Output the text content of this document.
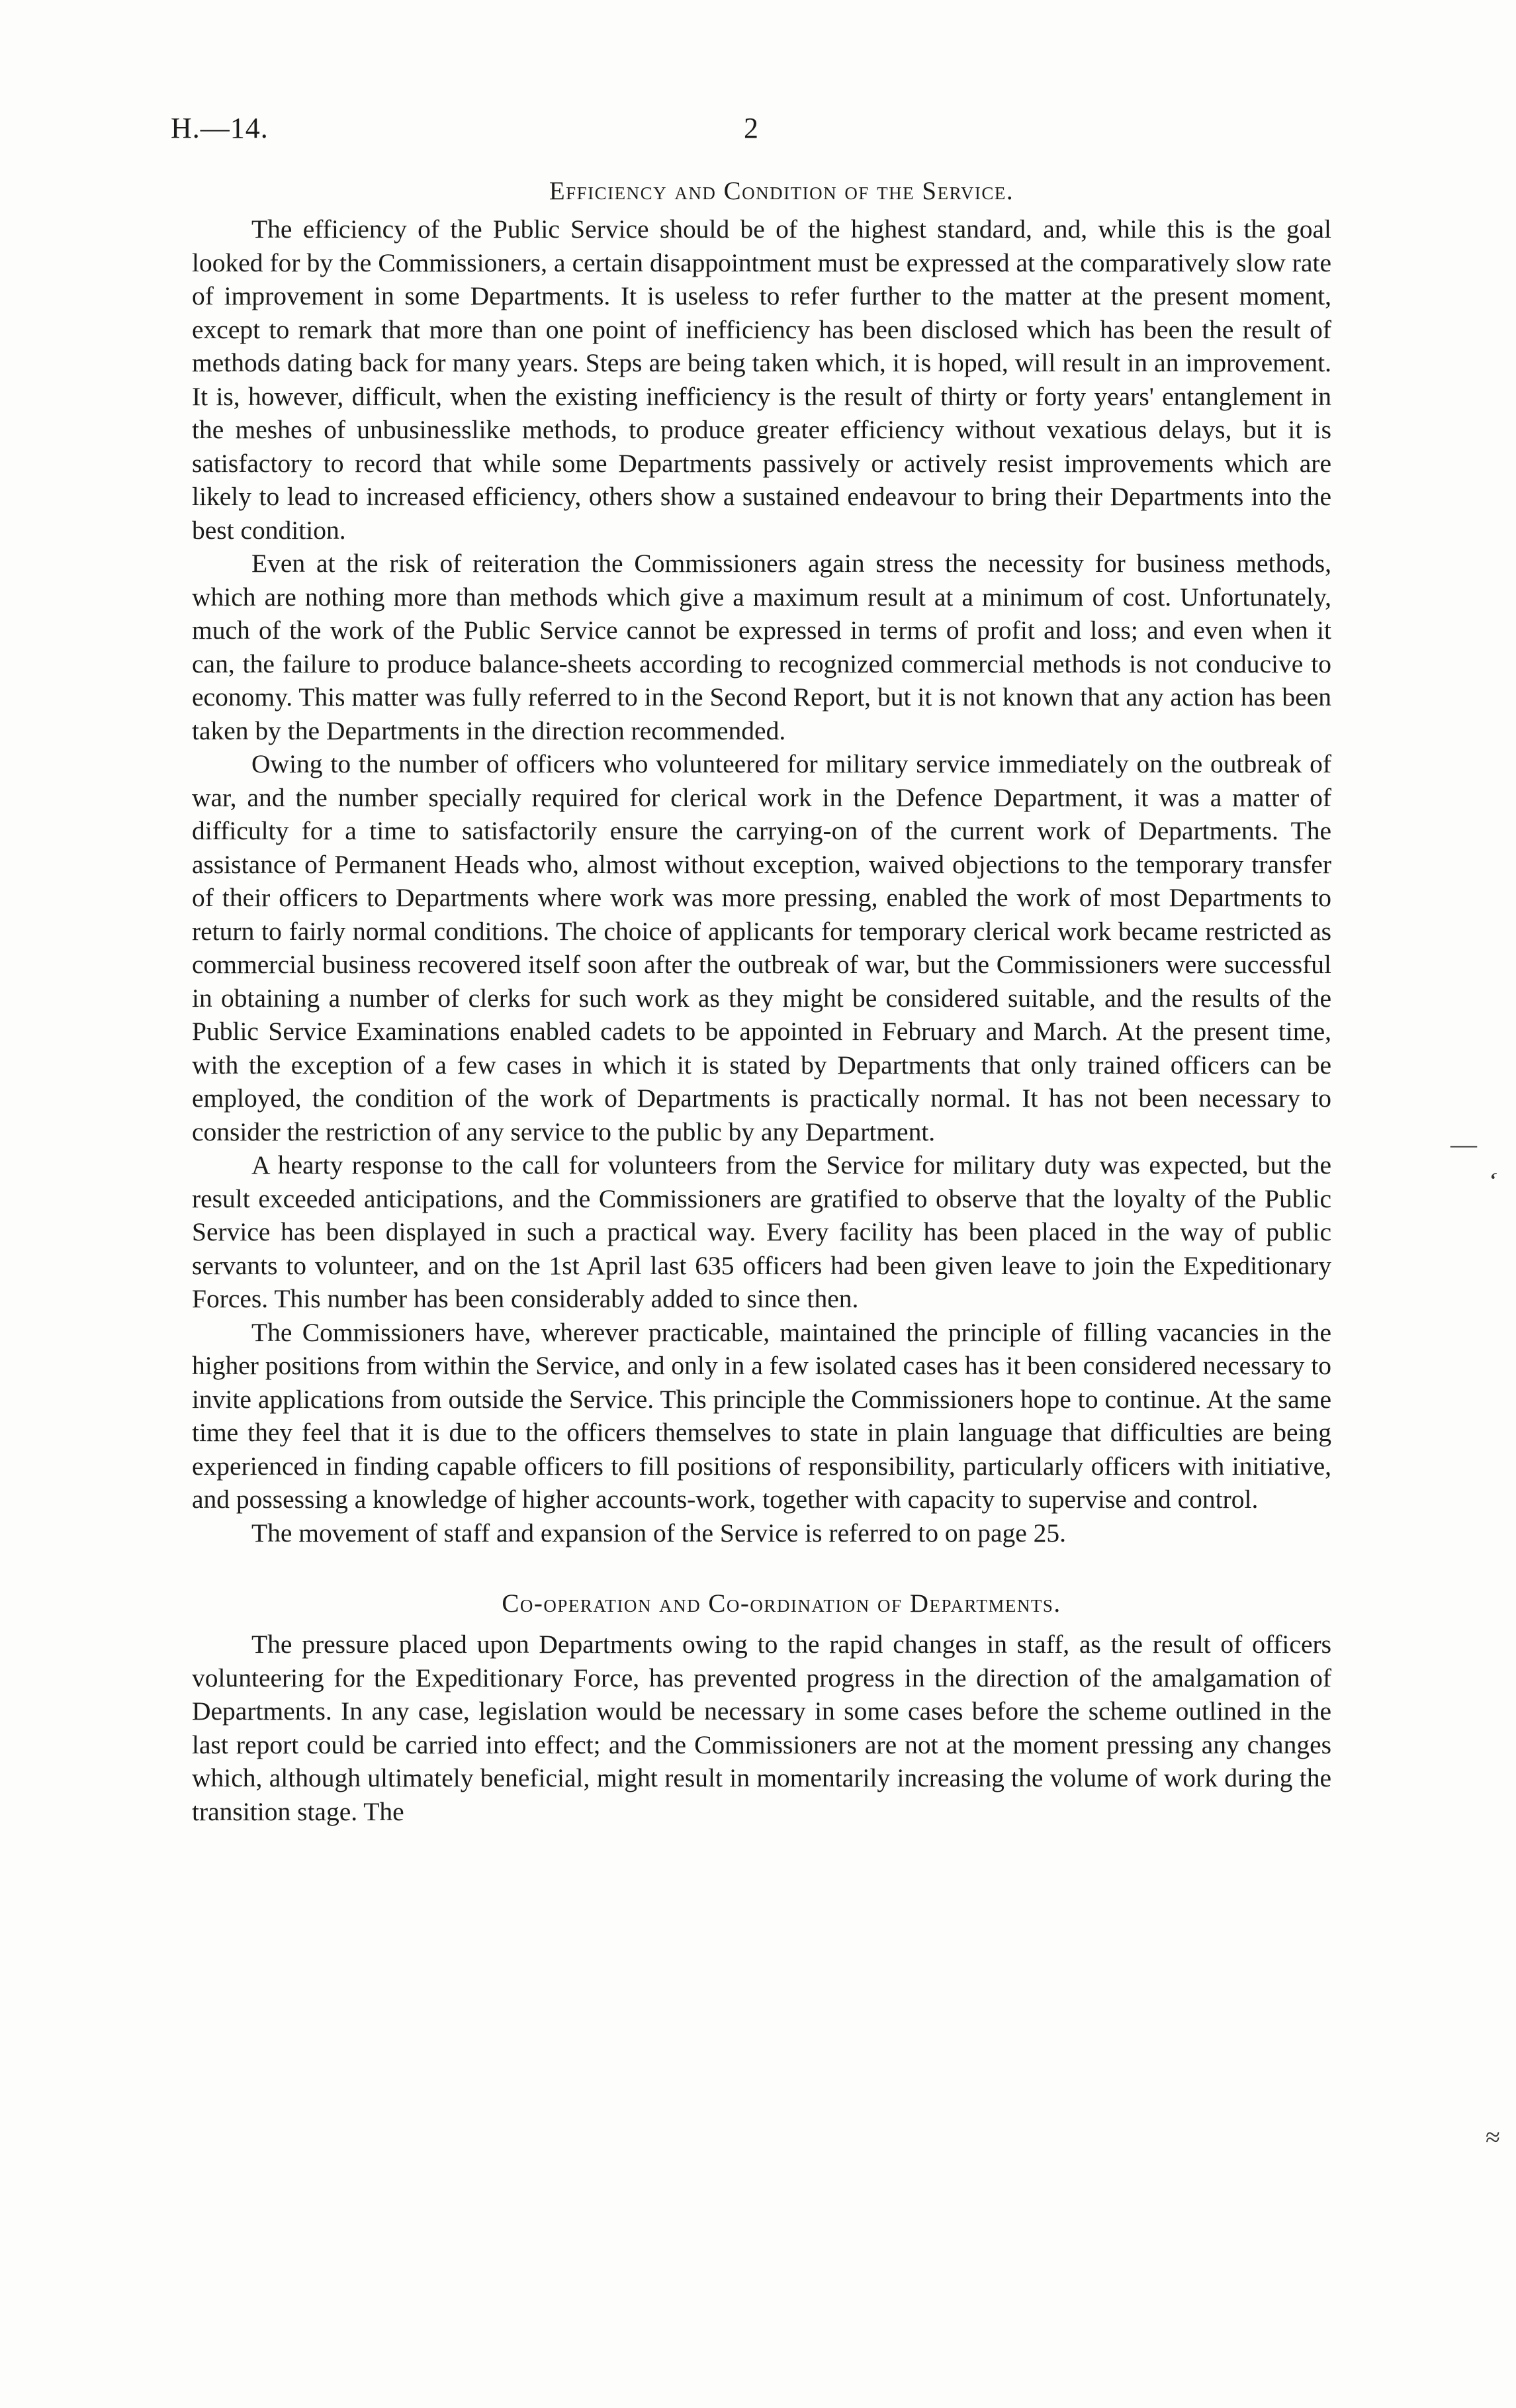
H.—14.	2
Efficiency and Condition of the Service.

The efficiency of the Public Service should be of the highest standard, and, while this is the goal looked for by the Commissioners, a certain disappointment must be expressed at the comparatively slow rate of improvement in some Departments. It is useless to refer further to the matter at the present moment, except to remark that more than one point of inefficiency has been disclosed which has been the result of methods dating back for many years. Steps are being taken which, it is hoped, will result in an improvement. It is, however, difficult, when the existing inefficiency is the result of thirty or forty years' entanglement in the meshes of unbusinesslike methods, to produce greater efficiency without vexatious delays, but it is satisfactory to record that while some Departments passively or actively resist improvements which are likely to lead to increased efficiency, others show a sustained endeavour to bring their Departments into the best condition.

Even at the risk of reiteration the Commissioners again stress the necessity for business methods, which are nothing more than methods which give a maximum result at a minimum of cost. Unfortunately, much of the work of the Public Service cannot be expressed in terms of profit and loss; and even when it can, the failure to produce balance-sheets according to recognized commercial methods is not conducive to economy. This matter was fully referred to in the Second Report, but it is not known that any action has been taken by the Departments in the direction recommended.

Owing to the number of officers who volunteered for military service immediately on the outbreak of war, and the number specially required for clerical work in the Defence Department, it was a matter of difficulty for a time to satisfactorily ensure the carrying-on of the current work of Departments. The assistance of Permanent Heads who, almost without exception, waived objections to the temporary transfer of their officers to Departments where work was more pressing, enabled the work of most Departments to return to fairly normal conditions. The choice of applicants for temporary clerical work became restricted as commercial business recovered itself soon after the outbreak of war, but the Commissioners were successful in obtaining a number of clerks for such work as they might be considered suitable, and the results of the Public Service Examinations enabled cadets to be appointed in February and March. At the present time, with the exception of a few cases in which it is stated by Departments that only trained officers can be employed, the condition of the work of Departments is practically normal. It has not been necessary to consider the restriction of any service to the public by any Department.

A hearty response to the call for volunteers from the Service for military duty was expected, but the result exceeded anticipations, and the Commissioners are gratified to observe that the loyalty of the Public Service has been displayed in such a practical way. Every facility has been placed in the way of public servants to volunteer, and on the 1st April last 635 officers had been given leave to join the Expeditionary Forces. This number has been considerably added to since then.

The Commissioners have, wherever practicable, maintained the principle of filling vacancies in the higher positions from within the Service, and only in a few isolated cases has it been considered necessary to invite applications from outside the Service. This principle the Commissioners hope to continue. At the same time they feel that it is due to the officers themselves to state in plain language that difficulties are being experienced in finding capable officers to fill positions of responsibility, particularly officers with initiative, and possessing a knowledge of higher accounts-work, together with capacity to supervise and control.

The movement of staff and expansion of the Service is referred to on page 25.

Co-operation and Co-ordination of Departments.

The pressure placed upon Departments owing to the rapid changes in staff, as the result of officers volunteering for the Expeditionary Force, has prevented progress in the direction of the amalgamation of Departments. In any case, legislation would be necessary in some cases before the scheme outlined in the last report could be carried into effect; and the Commissioners are not at the moment pressing any changes which, although ultimately beneficial, might result in momentarily increasing the volume of work during the transition stage. The

—
‘
≈
